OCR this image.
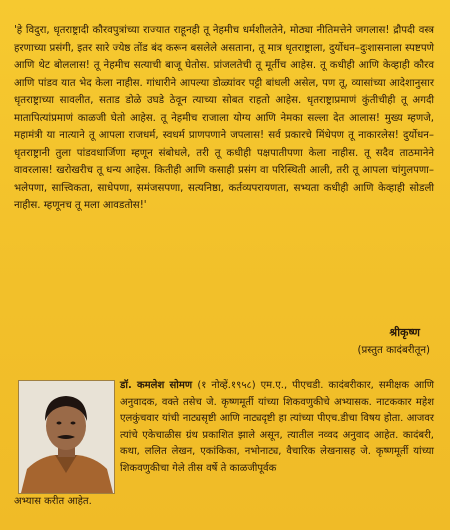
'हे विदुरा, धृतराष्ट्रादी कौरवपुत्रांच्या राज्यात राहूनही तू नेहमीच धर्मशीलतेने, मोठ्या नीतिमत्तेने जगलास! द्रौपदी वस्त्र हरणाच्या प्रसंगी, इतर सारे ज्येष्ठ तोंड बंद करून बसलेले असताना, तू मात्र धृतराष्ट्राला, दुर्योधन–दुःशासनाला स्पष्टपणे आणि थेट बोललास! तू नेहमीच सत्याची बाजू घेतोस. प्रांजलतेची तू मूर्तीच आहेस. तू कधीही आणि केव्हाही कौरव आणि पांडव यात भेद केला नाहीस. गांधारीने आपल्या डोळ्यांवर पट्टी बांधली असेल, पण तू, व्यासांच्या आदेशानुसार धृतराष्ट्राच्या सावलीत, सताड डोळे उघडे ठेवून त्याच्या सोबत राहतो आहेस. धृतराष्ट्राप्रमाणं कुंतीचीही तू अगदी मातापित्यांप्रमाणं काळजी घेतो आहेस. तू नेहमीच राजाला योग्य आणि नेमका सल्ला देत आलास! मुख्य म्हणजे, महामंत्री या नात्याने तू आपला राजधर्म, स्वधर्म प्राणपणाने जपलास! सर्व प्रकारचे मिंधेपण तू नाकारलेस! दुर्योधन–धृतराष्ट्रानी तुला पांडवधार्जिणा म्हणून संबोधले, तरी तू कधीही पक्षपातीपणा केला नाहीस. तू सदैव ताठमानेने वावरलास! खरोखरीच तू धन्य आहेस. कितीही आणि कसाही प्रसंग वा परिस्थिती आली, तरी तू आपला चांगुलपणा–भलेपणा, सात्त्विकता, साधेपणा, समंजसपणा, सत्यनिष्ठा, कर्तव्यपरायणता, सभ्यता कधीही आणि केव्हाही सोडली नाहीस. म्हणूनच तू मला आवडतोस!'

श्रीकृष्ण
(प्रस्तुत कादंबरीतून)
डॉ. कमलेश सोमण (१ नोव्हें.१९५८) एम.ए., पीएचडी. कादंबरीकार, समीक्षक आणि अनुवादक, वक्ते तसेच जे. कृष्णमूर्ती यांच्या शिकवणुकीचे अभ्यासक. नाटककार महेश एलकुंचवार यांची नाट्यसृष्टी आणि नाट्यदृष्टी हा त्यांच्या पीएच.डीचा विषय होता. आजवर त्यांचे एकेचाळीस ग्रंथ प्रकाशित झाले असून, त्यातील नव्वद अनुवाद आहेत. कादंबरी, कथा, ललित लेखन, एकांकिका, नभोनाट्य, वैचारिक लेखनासह जे. कृष्णमूर्ती यांच्या शिकवणुकीचा गेले तीस वर्षे ते काळजीपूर्वक
अभ्यास करीत आहेत.
